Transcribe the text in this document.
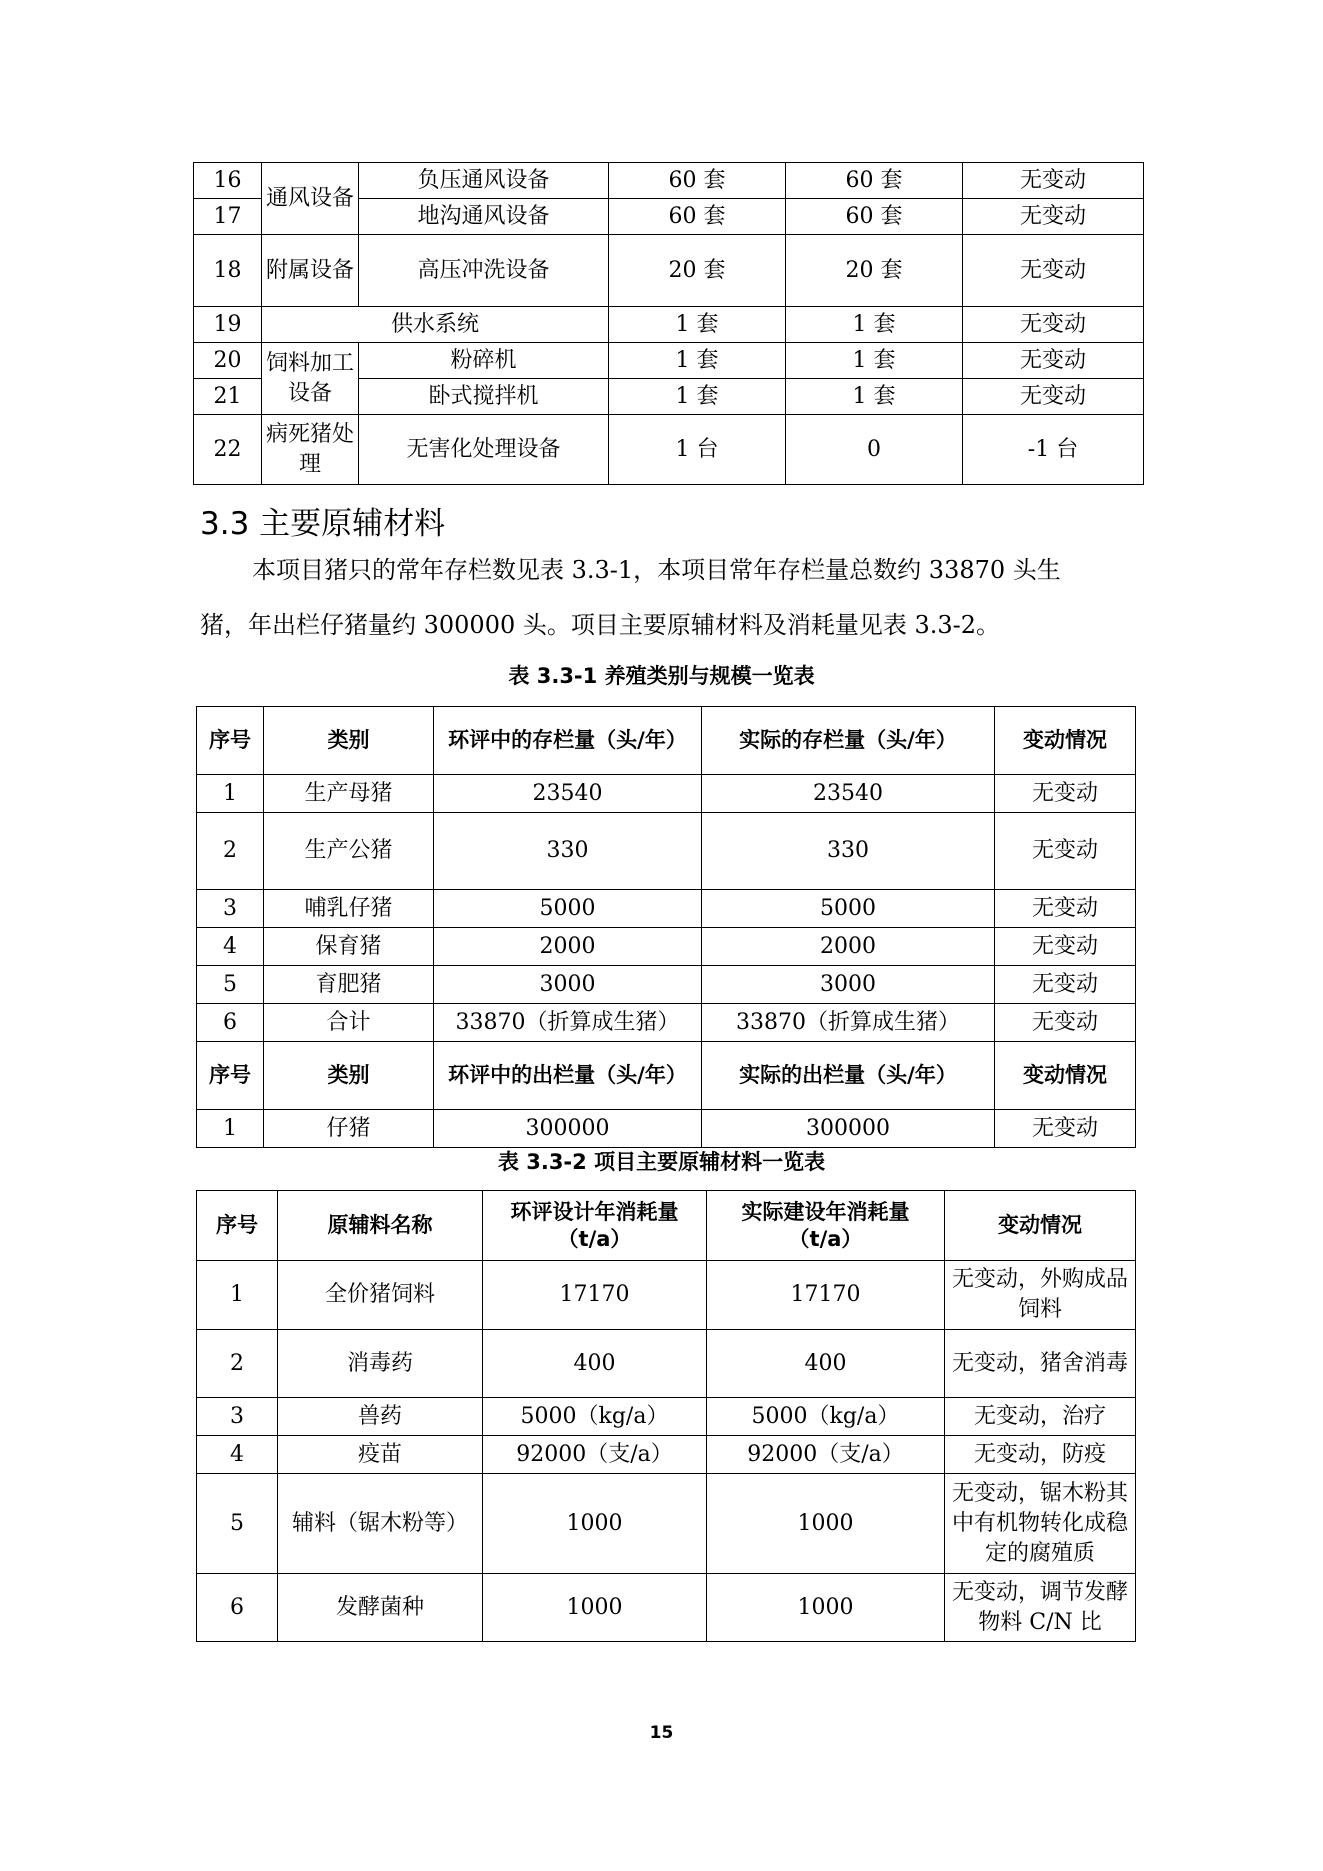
16	通风设备	负压通风设备	60 套	60 套	无变动
17		地沟通风设备	60 套	60 套	无变动
18	附属设备	高压冲洗设备	20 套	20 套	无变动
19	供水系统		1 套	1 套	无变动
20	饲料加工设备	粉碎机	1 套	1 套	无变动
21		卧式搅拌机	1 套	1 套	无变动
22	病死猪处理	无害化处理设备	1 台	0	-1 台
3.3 主要原辅材料
本项目猪只的常年存栏数见表 3.3-1，本项目常年存栏量总数约 33870 头生
猪，年出栏仔猪量约 300000 头。项目主要原辅材料及消耗量见表 3.3-2。
表 3.3-1 养殖类别与规模一览表
序号	类别	环评中的存栏量（头/年）	实际的存栏量（头/年）	变动情况
1	生产母猪	23540	23540	无变动
2	生产公猪	330	330	无变动
3	哺乳仔猪	5000	5000	无变动
4	保育猪	2000	2000	无变动
5	育肥猪	3000	3000	无变动
6	合计	33870（折算成生猪）	33870（折算成生猪）	无变动
序号	类别	环评中的出栏量（头/年）	实际的出栏量（头/年）	变动情况
1	仔猪	300000	300000	无变动
表 3.3-2 项目主要原辅材料一览表
序号	原辅料名称	环评设计年消耗量（t/a）	实际建设年消耗量（t/a）	变动情况
1	全价猪饲料	17170	17170	无变动，外购成品饲料
2	消毒药	400	400	无变动，猪舍消毒
3	兽药	5000（kg/a）	5000（kg/a）	无变动，治疗
4	疫苗	92000（支/a）	92000（支/a）	无变动，防疫
5	辅料（锯木粉等）	1000	1000	无变动，锯木粉其中有机物转化成稳定的腐殖质
6	发酵菌种	1000	1000	无变动，调节发酵物料 C/N 比
15
